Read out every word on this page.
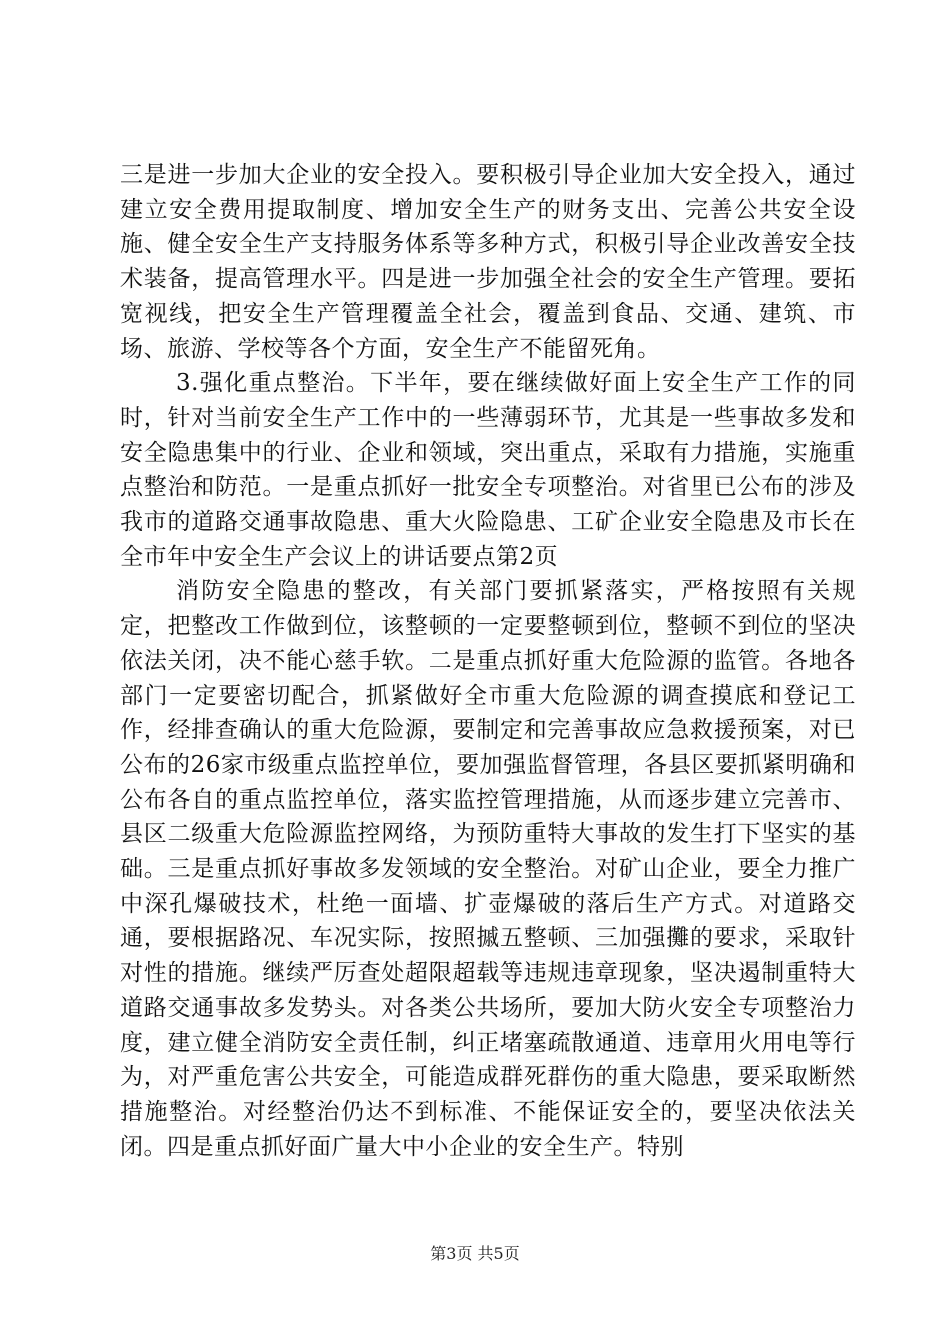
三是进一步加大企业的安全投入。要积极引导企业加大安全投入，通过建立安全费用提取制度、增加安全生产的财务支出、完善公共安全设施、健全安全生产支持服务体系等多种方式，积极引导企业改善安全技术装备，提高管理水平。四是进一步加强全社会的安全生产管理。要拓宽视线，把安全生产管理覆盖全社会，覆盖到食品、交通、建筑、市场、旅游、学校等各个方面，安全生产不能留死角。

3.强化重点整治。下半年，要在继续做好面上安全生产工作的同时，针对当前安全生产工作中的一些薄弱环节，尤其是一些事故多发和安全隐患集中的行业、企业和领域，突出重点，采取有力措施，实施重点整治和防范。一是重点抓好一批安全专项整治。对省里已公布的涉及我市的道路交通事故隐患、重大火险隐患、工矿企业安全隐患及市长在全市年中安全生产会议上的讲话要点第2页

消防安全隐患的整改，有关部门要抓紧落实，严格按照有关规定，把整改工作做到位，该整顿的一定要整顿到位，整顿不到位的坚决依法关闭，决不能心慈手软。二是重点抓好重大危险源的监管。各地各部门一定要密切配合，抓紧做好全市重大危险源的调查摸底和登记工作，经排查确认的重大危险源，要制定和完善事故应急救援预案，对已公布的26家市级重点监控单位，要加强监督管理，各县区要抓紧明确和公布各自的重点监控单位，落实监控管理措施，从而逐步建立完善市、县区二级重大危险源监控网络，为预防重特大事故的发生打下坚实的基础。三是重点抓好事故多发领域的安全整治。对矿山企业，要全力推广中深孔爆破技术，杜绝一面墙、扩壶爆破的落后生产方式。对道路交通，要根据路况、车况实际，按照摵五整顿、三加强攤的要求，采取针对性的措施。继续严厉查处超限超载等违规违章现象，坚决遏制重特大道路交通事故多发势头。对各类公共场所，要加大防火安全专项整治力度，建立健全消防安全责任制，纠正堵塞疏散通道、违章用火用电等行为，对严重危害公共安全，可能造成群死群伤的重大隐患，要采取断然措施整治。对经整治仍达不到标准、不能保证安全的，要坚决依法关闭。四是重点抓好面广量大中小企业的安全生产。特别

第3页 共5页
